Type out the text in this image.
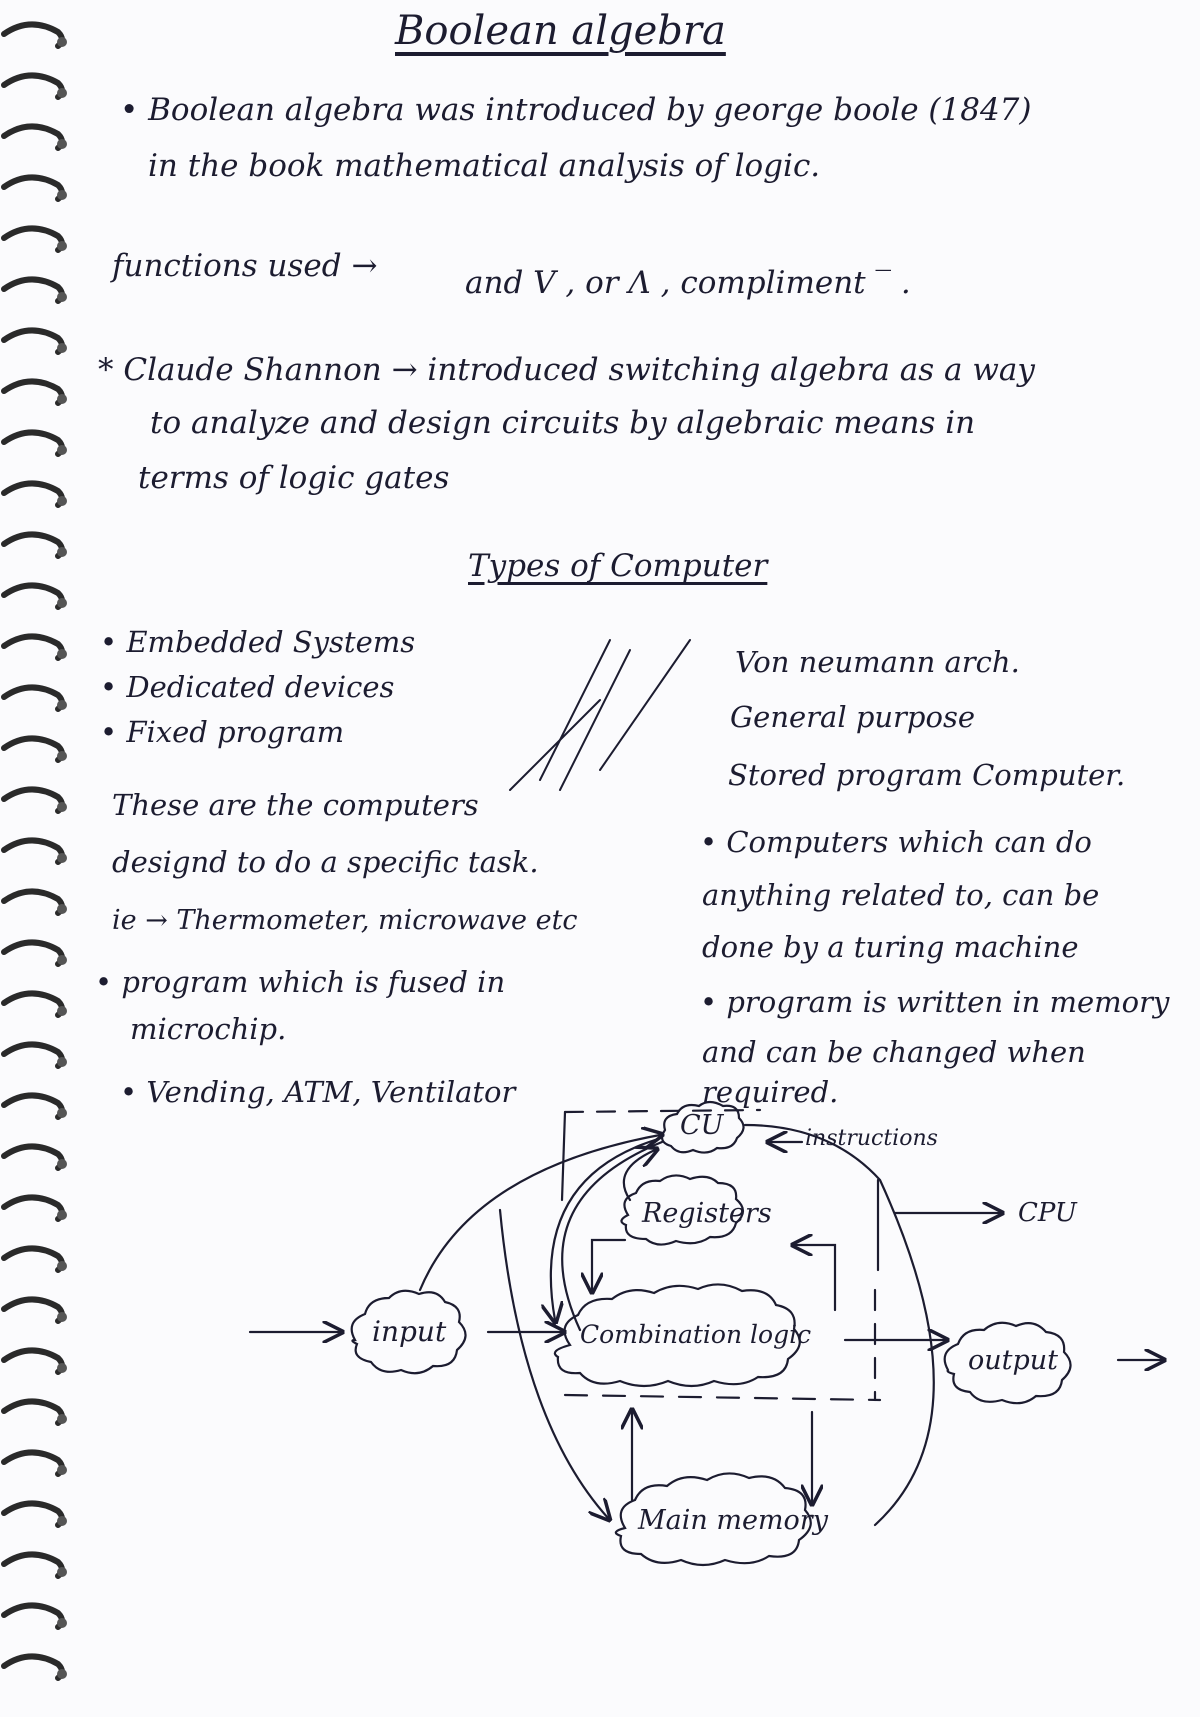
Boolean algebra
• Boolean algebra was introduced by george boole (1847)
in the book mathematical analysis of logic.
functions used →	and V , or Λ , compliment ‾ .
* Claude Shannon → introduced switching algebra as a way
to analyze and design circuits by algebraic means in
terms of logic gates
Types of Computer
• Embedded Systems
• Dedicated devices
• Fixed program
These are the computers
designd to do a specific task.
ie → Thermometer, microwave etc
• program which is fused in
microchip.
• Vending, ATM, Ventilator
Von neumann arch.
General purpose
Stored program Computer.
• Computers which can do
anything related to, can be
done by a turing machine
• program is written in memory
and can be changed when
required.
CU	instructions
Registers	CPU
input	Combination logic
output
Main memory
